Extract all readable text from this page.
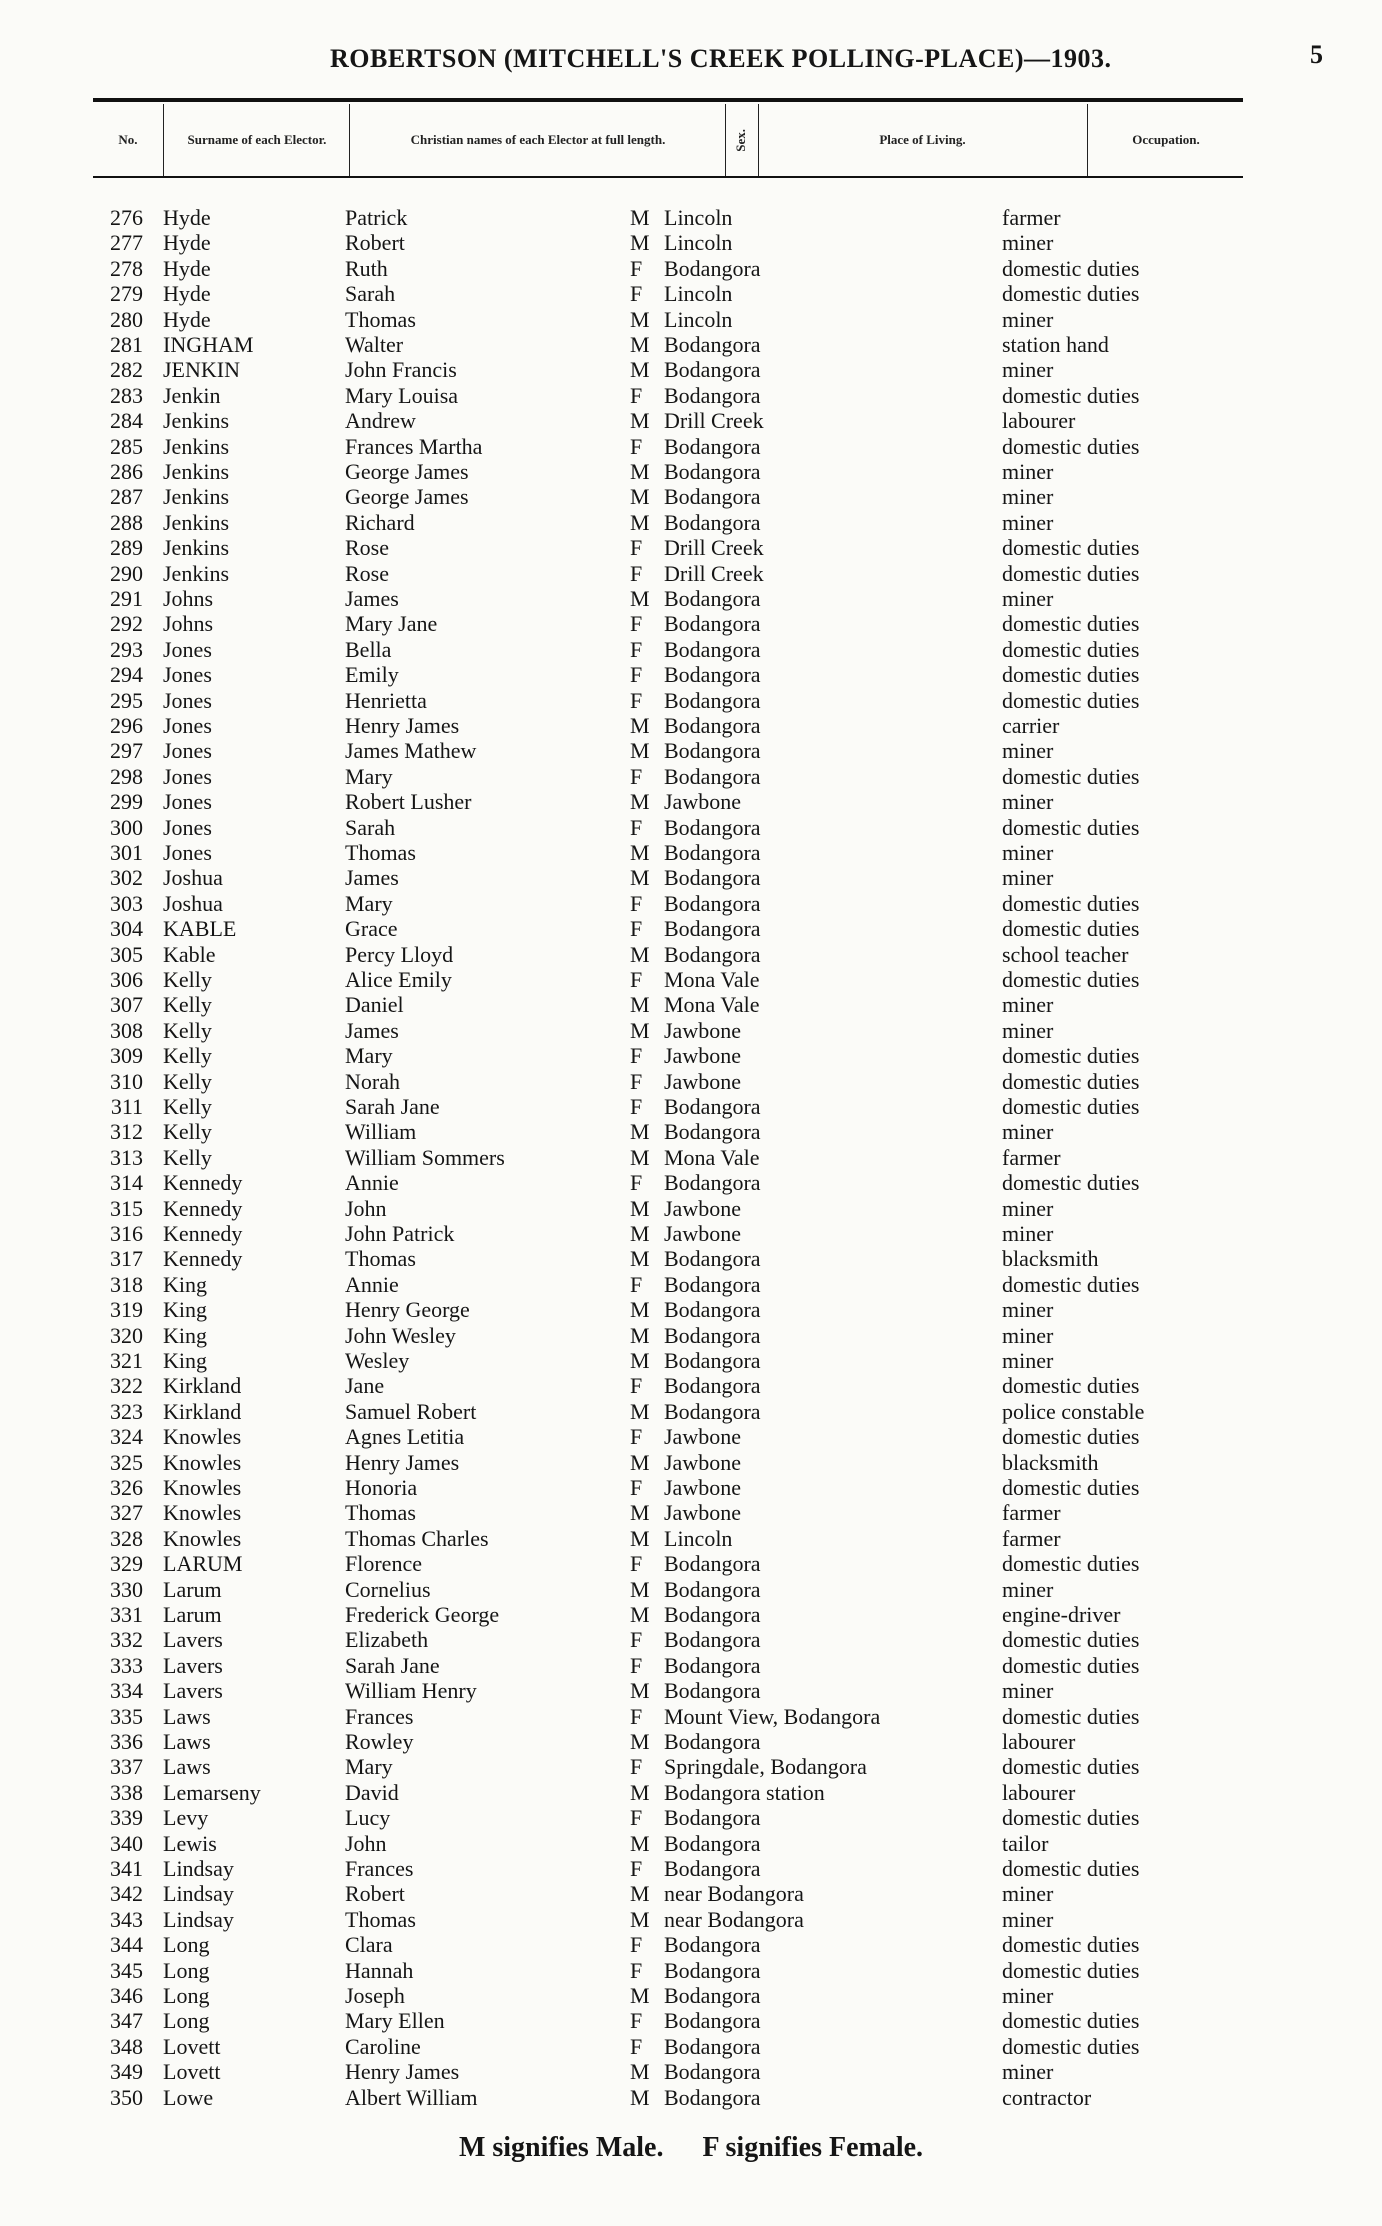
ROBERTSON (MITCHELL'S CREEK POLLING-PLACE)—1903.	5
No.	Surname of each Elector.	Christian names of each Elector at full length.	Sex.	Place of Living.	Occupation.
276 Hyde	Patrick	M Lincoln	farmer
277 Hyde	Robert	M Lincoln	miner
278 Hyde	Ruth	F Bodangora	domestic duties
279 Hyde	Sarah	F Lincoln	domestic duties
280 Hyde	Thomas	M Lincoln	miner
281 INGHAM	Walter	M Bodangora	station hand
282 JENKIN	John Francis	M Bodangora	miner
283 Jenkin	Mary Louisa	F Bodangora	domestic duties
284 Jenkins	Andrew	M Drill Creek	labourer
285 Jenkins	Frances Martha	F Bodangora	domestic duties
286 Jenkins	George James	M Bodangora	miner
287 Jenkins	George James	M Bodangora	miner
288 Jenkins	Richard	M Bodangora	miner
289 Jenkins	Rose	F Drill Creek	domestic duties
290 Jenkins	Rose	F Drill Creek	domestic duties
291 Johns	James	M Bodangora	miner
292 Johns	Mary Jane	F Bodangora	domestic duties
293 Jones	Bella	F Bodangora	domestic duties
294 Jones	Emily	F Bodangora	domestic duties
295 Jones	Henrietta	F Bodangora	domestic duties
296 Jones	Henry James	M Bodangora	carrier
297 Jones	James Mathew	M Bodangora	miner
298 Jones	Mary	F Bodangora	domestic duties
299 Jones	Robert Lusher	M Jawbone	miner
300 Jones	Sarah	F Bodangora	domestic duties
301 Jones	Thomas	M Bodangora	miner
302 Joshua	James	M Bodangora	miner
303 Joshua	Mary	F Bodangora	domestic duties
304 KABLE	Grace	F Bodangora	domestic duties
305 Kable	Percy Lloyd	M Bodangora	school teacher
306 Kelly	Alice Emily	F Mona Vale	domestic duties
307 Kelly	Daniel	M Mona Vale	miner
308 Kelly	James	M Jawbone	miner
309 Kelly	Mary	F Jawbone	domestic duties
310 Kelly	Norah	F Jawbone	domestic duties
311 Kelly	Sarah Jane	F Bodangora	domestic duties
312 Kelly	William	M Bodangora	miner
313 Kelly	William Sommers	M Mona Vale	farmer
314 Kennedy	Annie	F Bodangora	domestic duties
315 Kennedy	John	M Jawbone	miner
316 Kennedy	John Patrick	M Jawbone	miner
317 Kennedy	Thomas	M Bodangora	blacksmith
318 King	Annie	F Bodangora	domestic duties
319 King	Henry George	M Bodangora	miner
320 King	John Wesley	M Bodangora	miner
321 King	Wesley	M Bodangora	miner
322 Kirkland	Jane	F Bodangora	domestic duties
323 Kirkland	Samuel Robert	M Bodangora	police constable
324 Knowles	Agnes Letitia	F Jawbone	domestic duties
325 Knowles	Henry James	M Jawbone	blacksmith
326 Knowles	Honoria	F Jawbone	domestic duties
327 Knowles	Thomas	M Jawbone	farmer
328 Knowles	Thomas Charles	M Lincoln	farmer
329 LARUM	Florence	F Bodangora	domestic duties
330 Larum	Cornelius	M Bodangora	miner
331 Larum	Frederick George	M Bodangora	engine-driver
332 Lavers	Elizabeth	F Bodangora	domestic duties
333 Lavers	Sarah Jane	F Bodangora	domestic duties
334 Lavers	William Henry	M Bodangora	miner
335 Laws	Frances	F Mount View, Bodangora	domestic duties
336 Laws	Rowley	M Bodangora	labourer
337 Laws	Mary	F Springdale, Bodangora	domestic duties
338 Lemarseny	David	M Bodangora station	labourer
339 Levy	Lucy	F Bodangora	domestic duties
340 Lewis	John	M Bodangora	tailor
341 Lindsay	Frances	F Bodangora	domestic duties
342 Lindsay	Robert	M near Bodangora	miner
343 Lindsay	Thomas	M near Bodangora	miner
344 Long	Clara	F Bodangora	domestic duties
345 Long	Hannah	F Bodangora	domestic duties
346 Long	Joseph	M Bodangora	miner
347 Long	Mary Ellen	F Bodangora	domestic duties
348 Lovett	Caroline	F Bodangora	domestic duties
349 Lovett	Henry James	M Bodangora	miner
350 Lowe	Albert William	M Bodangora	contractor
M signifies Male. F signifies Female.
